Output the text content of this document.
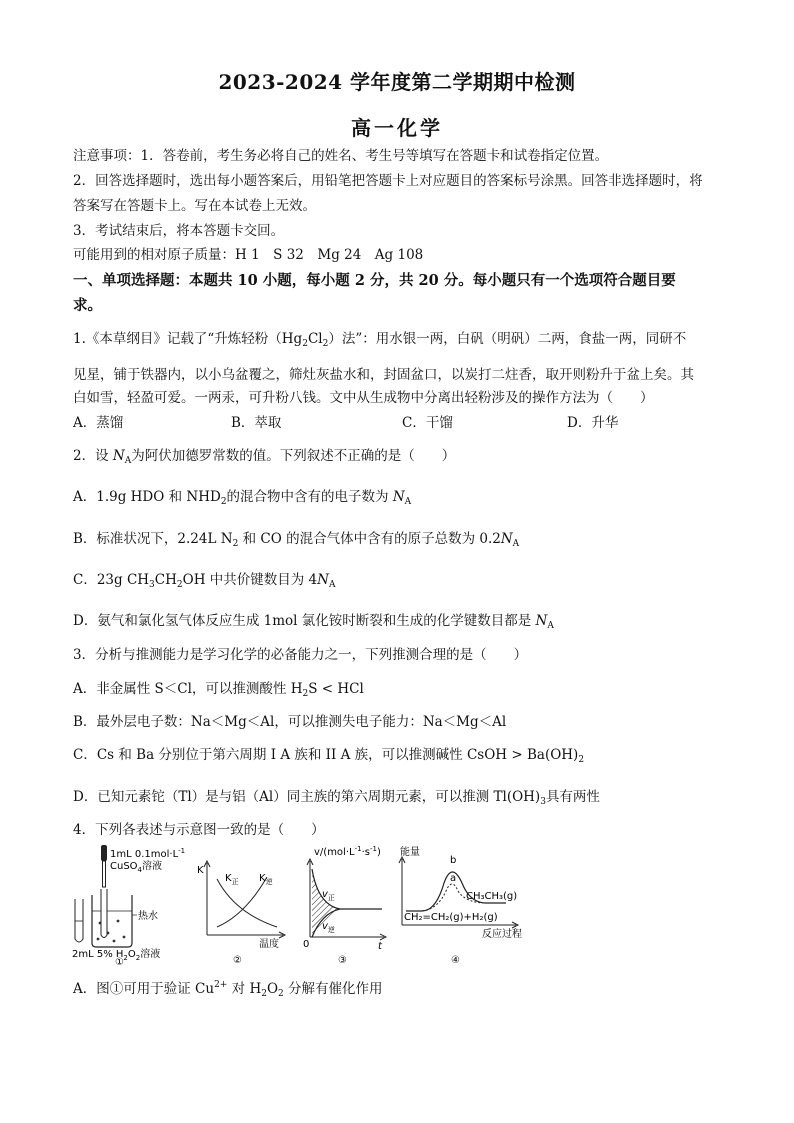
2023-2024 学年度第二学期期中检测
高一化学
注意事项：1．答卷前，考生务必将自己的姓名、考生号等填写在答题卡和试卷指定位置。
2．回答选择题时，选出每小题答案后，用铅笔把答题卡上对应题目的答案标号涂黑。回答非选择题时，将
答案写在答题卡上。写在本试卷上无效。
3．考试结束后，将本答题卡交回。
可能用到的相对原子质量：H 1　S 32　Mg 24　Ag 108
一、单项选择题：本题共 10 小题，每小题 2 分，共 20 分。每小题只有一个选项符合题目要
求。
1.《本草纲目》记载了“升炼轻粉$(Hg_2Cl_2)$法”：用水银一两，白矾（明矾）二两，食盐一两，同研不
见星，铺于铁器内，以小乌盆覆之，筛灶灰盐水和，封固盆口，以炭打二炷香，取开则粉升于盆上矣。其
白如雪，轻盈可爱。一两汞，可升粉八钱。文中从生成物中分离出轻粉涉及的操作方法为（　　）
A．蒸馏	B．萃取	C．干馏	D．升华
2．设 $N_A$为阿伏加德罗常数的值。下列叙述不正确的是（　　）
A．1.9g HDO 和 $NHD_2$的混合物中含有的电子数为 $N_A$
B．标准状况下，2.24L $N_2$ 和 CO 的混合气体中含有的原子总数为 $0.2N_A$
C．23g $CH_3CH_2OH$ 中共价键数目为 $4N_A$
D．氨气和氯化氢气体反应生成 1mol 氯化铵时断裂和生成的化学键数目都是 $N_A$
3．分析与推测能力是学习化学的必备能力之一，下列推测合理的是（　　）
A．非金属性 S＜Cl，可以推测酸性 $H_2S$ < HCl
B．最外层电子数：Na＜Mg＜Al，可以推测失电子能力：Na＜Mg＜Al
C．Cs 和 Ba 分别位于第六周期 I A 族和 II A 族，可以推测碱性 CsOH > $Ba(OH)_2$
D．已知元素铊（Tl）是与铝（Al）同主族的第六周期元素，可以推测 $Tl(OH)_3$具有两性
4．下列各表述与示意图一致的是（　　）
1mL $0.1mol\cdot L^{-1}$
CuSO$_4$溶液
热水
2mL 5% $H_2O_2$溶液
①
K
$K_正$ $K_逆$
温度
②
$v/(mol\cdot L^{-1}\cdot s^{-1})$
$v_正$
$v_逆$
0	t
③
能量
b
a
CH₃CH₃(g)
CH₂=CH₂(g)+H₂(g)
反应过程
④
A．图①可用于验证 $Cu^{2+}$ 对 $H_2O_2$ 分解有催化作用
